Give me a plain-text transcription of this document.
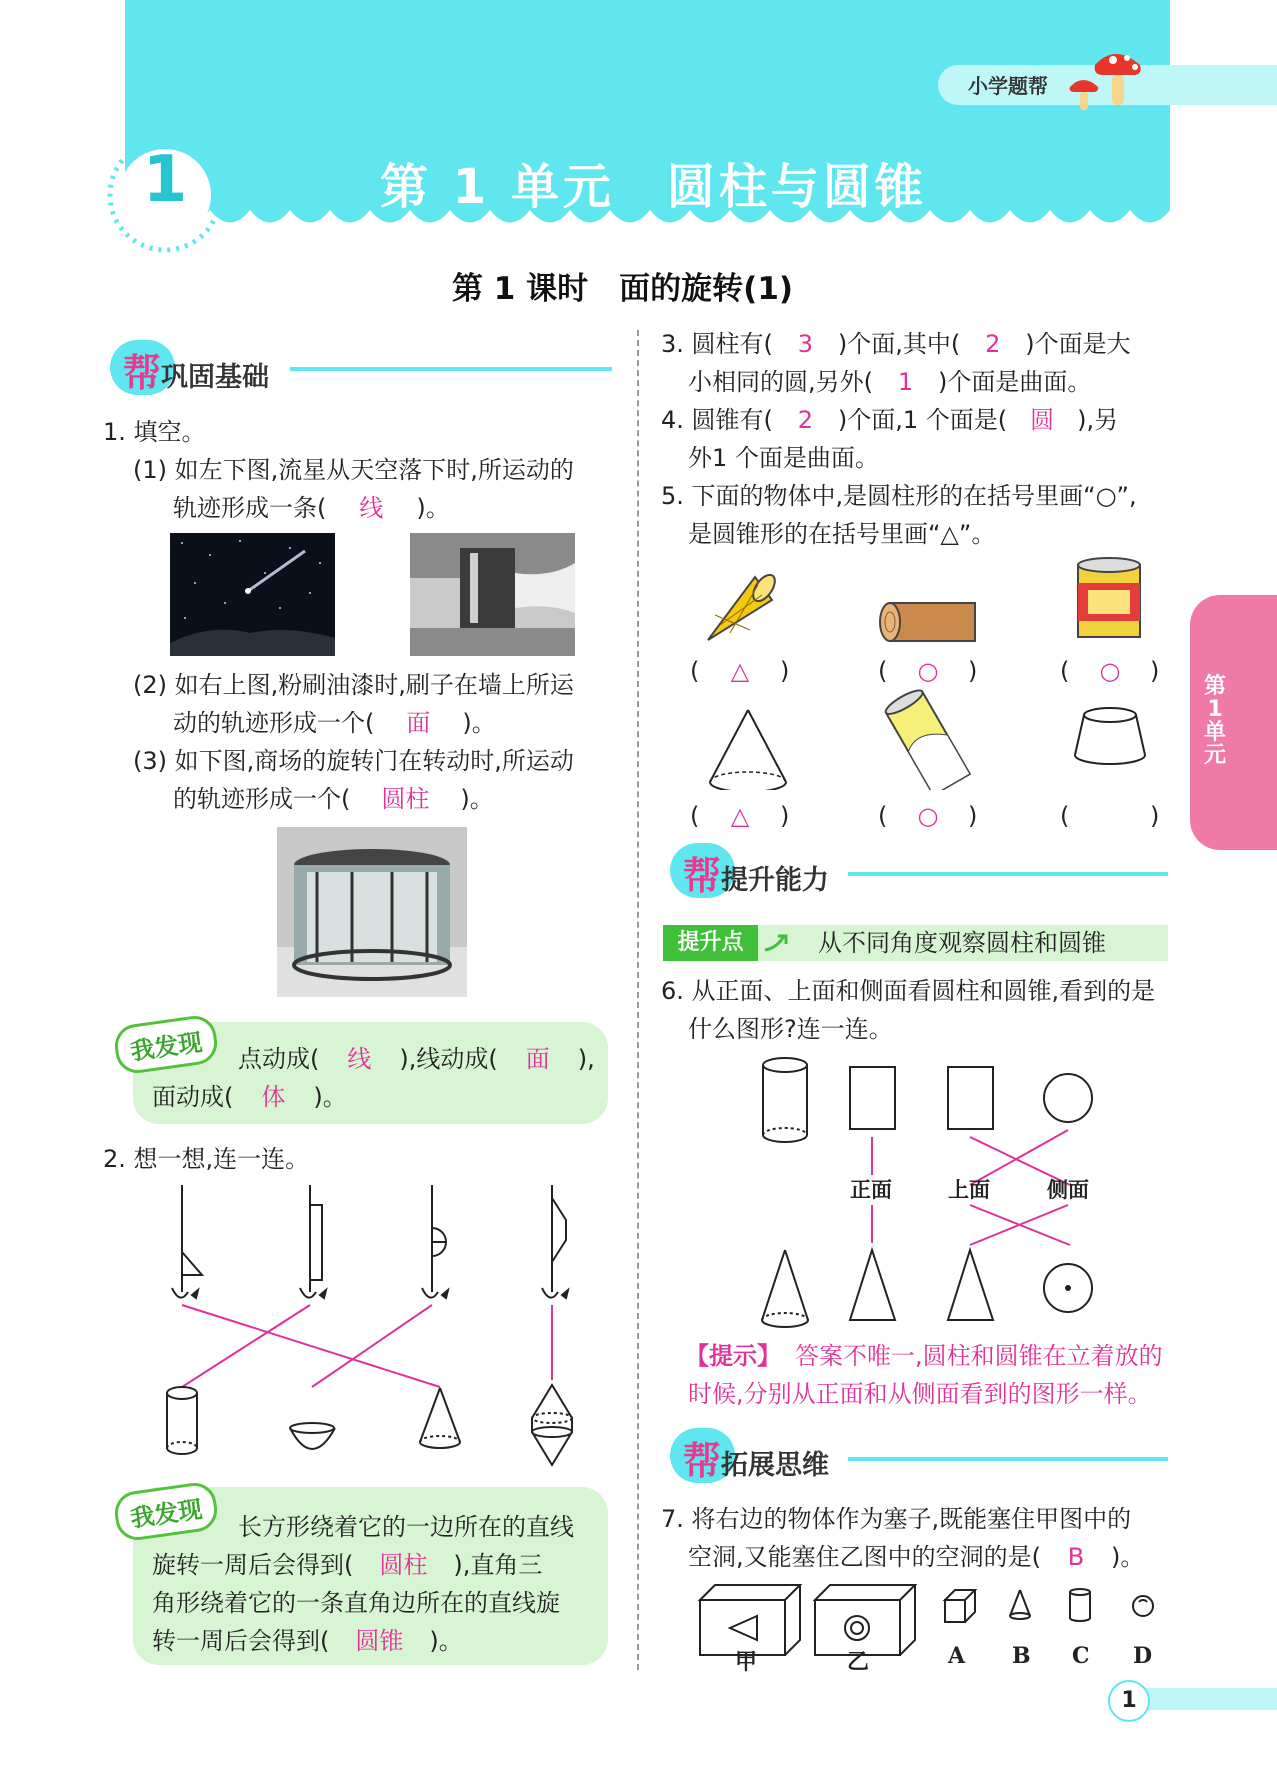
小学题帮
1	第 1 单元　圆柱与圆锥
第 1 课时　面的旋转(1)
第
1
单
元
帮巩固基础
1. 填空。
(1) 如左下图,流星从天空落下时,所运动的
轨迹形成一条( 线 )。
(2) 如右上图,粉刷油漆时,刷子在墙上所运
动的轨迹形成一个( 面 )。
(3) 如下图,商场的旋转门在转动时,所运动
的轨迹形成一个( 圆柱 )。
我发现	点动成( 线 ),线动成( 面 ),
面动成( 体 )。
2. 想一想,连一连。
我发现	长方形绕着它的一边所在的直线
旋转一周后会得到( 圆柱 ),直角三
角形绕着它的一条直角边所在的直线旋
转一周后会得到( 圆锥 )。
3. 圆柱有( 3 )个面,其中( 2 )个面是大
小相同的圆,另外( 1 )个面是曲面。
4. 圆锥有( 2 )个面,1 个面是( 圆 ),另
外1 个面是曲面。
5. 下面的物体中,是圆柱形的在括号里画“○”,
是圆锥形的在括号里画“△”。
(	△	)	(	○	)	(	○	)
(	△	)	(	○	)	(	)
帮提升能力
提升点	从不同角度观察圆柱和圆锥
6. 从正面、上面和侧面看圆柱和圆锥,看到的是
什么图形?连一连。
正面	上面	侧面
【提示】 答案不唯一,圆柱和圆锥在立着放的
时候,分别从正面和从侧面看到的图形一样。
帮拓展思维
7. 将右边的物体作为塞子,既能塞住甲图中的
空洞,又能塞住乙图中的空洞的是( B )。
甲	乙	A B C D
1
